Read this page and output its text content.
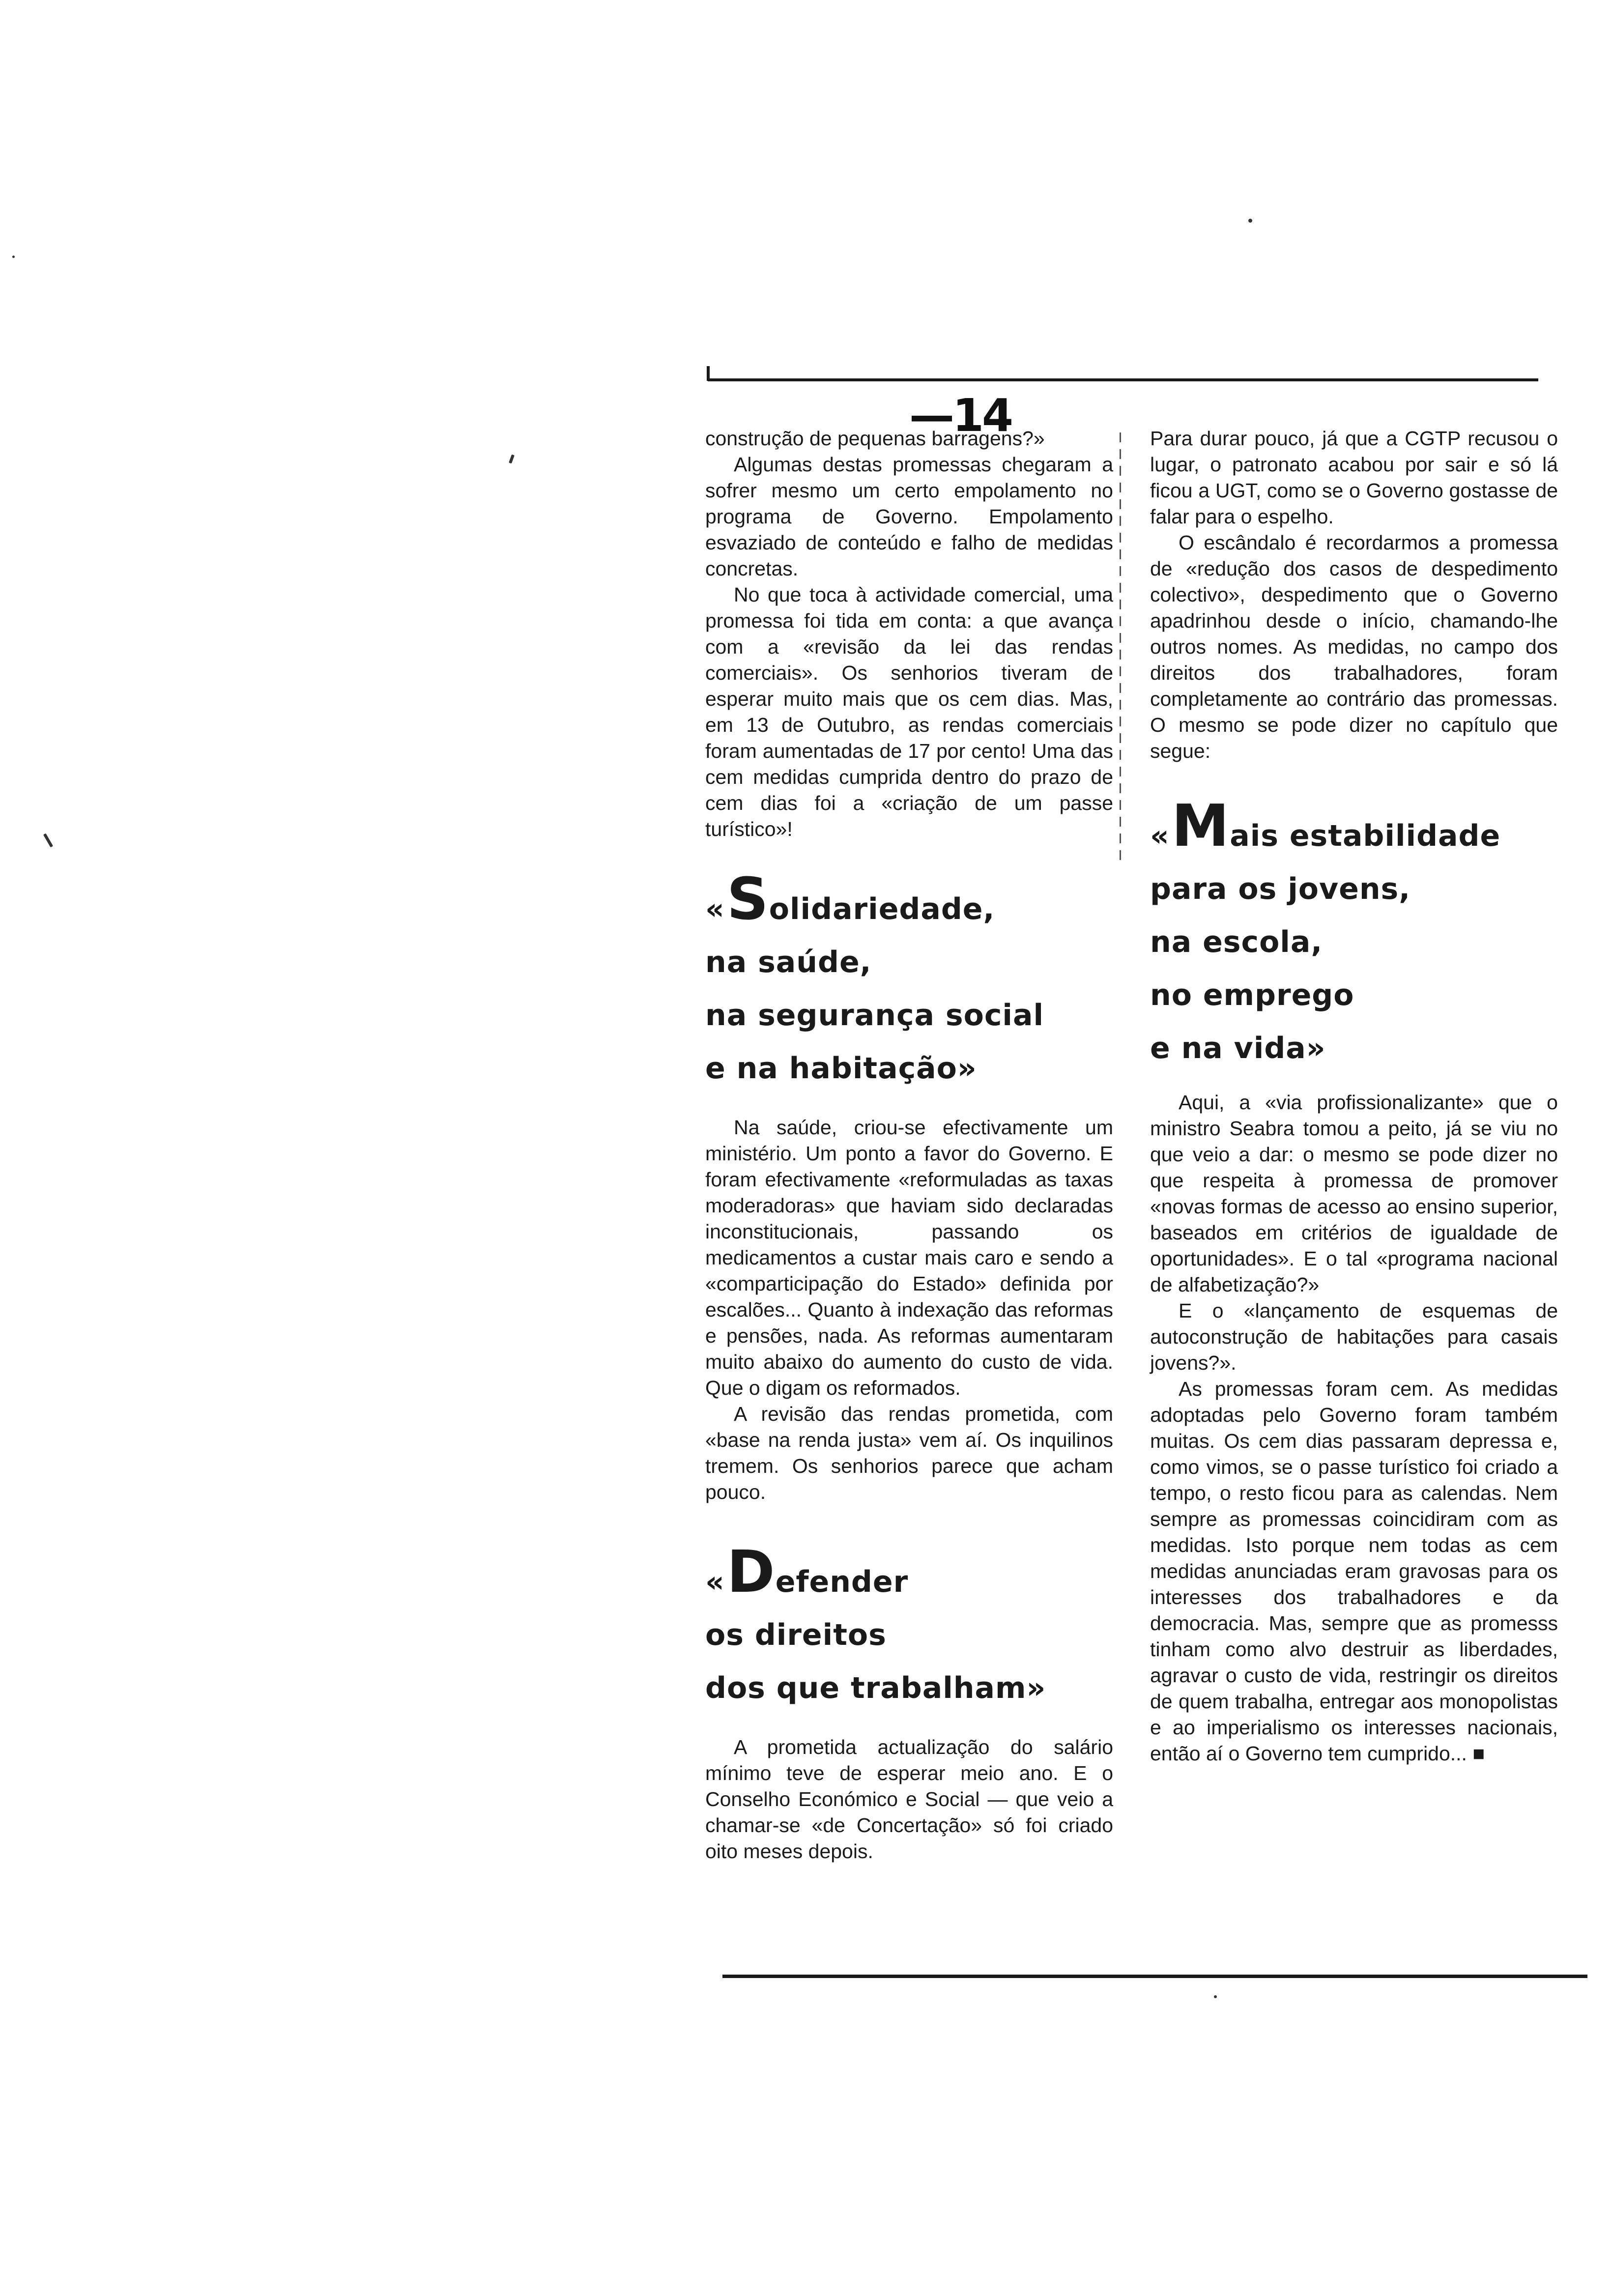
—14

construção de pequenas barragens?»

Algumas destas promessas chegaram a sofrer mesmo um certo empolamento no programa de Governo. Empolamento esvaziado de conteúdo e falho de medidas concretas.

No que toca à actividade comercial, uma promessa foi tida em conta: a que avança com a «revisão da lei das rendas comerciais». Os senhorios tiveram de esperar muito mais que os cem dias. Mas, em 13 de Outubro, as rendas comerciais foram aumentadas de 17 por cento! Uma das cem medidas cumprida dentro do prazo de cem dias foi a «criação de um passe turístico»!

«Solidariedade,

na saúde,

na segurança social

e na habitação»

Na saúde, criou-se efectivamente um ministério. Um ponto a favor do Governo. E foram efectivamente «reformuladas as taxas moderadoras» que haviam sido declaradas inconstitucionais, passando os medicamentos a custar mais caro e sendo a «comparticipação do Estado» definida por escalões... Quanto à indexação das reformas e pensões, nada. As reformas aumentaram muito abaixo do aumento do custo de vida. Que o digam os reformados.

A revisão das rendas prometida, com «base na renda justa» vem aí. Os inquilinos tremem. Os senhorios parece que acham pouco.

«Defender

os direitos

dos que trabalham»

A prometida actualização do salário mínimo teve de esperar meio ano. E o Conselho Económico e Social — que veio a chamar-se «de Concertação» só foi criado oito meses depois.

Para durar pouco, já que a CGTP recusou o lugar, o patronato acabou por sair e só lá ficou a UGT, como se o Governo gostasse de falar para o espelho.

O escândalo é recordarmos a promessa de «redução dos casos de despedimento colectivo», despedimento que o Governo apadrinhou desde o início, chamando-lhe outros nomes. As medidas, no campo dos direitos dos trabalhadores, foram completamente ao contrário das promessas. O mesmo se pode dizer no capítulo que segue:

«Mais estabilidade

para os jovens,

na escola,

no emprego

e na vida»

Aqui, a «via profissionalizante» que o ministro Seabra tomou a peito, já se viu no que veio a dar: o mesmo se pode dizer no que respeita à promessa de promover «novas formas de acesso ao ensino superior, baseados em critérios de igualdade de oportunidades». E o tal «programa nacional de alfabetização?»

E o «lançamento de esquemas de autoconstrução de habitações para casais jovens?».

As promessas foram cem. As medidas adoptadas pelo Governo foram também muitas. Os cem dias passaram depressa e, como vimos, se o passe turístico foi criado a tempo, o resto ficou para as calendas. Nem sempre as promessas coincidiram com as medidas. Isto porque nem todas as cem medidas anunciadas eram gravosas para os interesses dos trabalhadores e da democracia. Mas, sempre que as promesss tinham como alvo destruir as liberdades, agravar o custo de vida, restringir os direitos de quem trabalha, entregar aos monopolistas e ao imperialismo os interesses nacionais, então aí o Governo tem cumprido... ■
